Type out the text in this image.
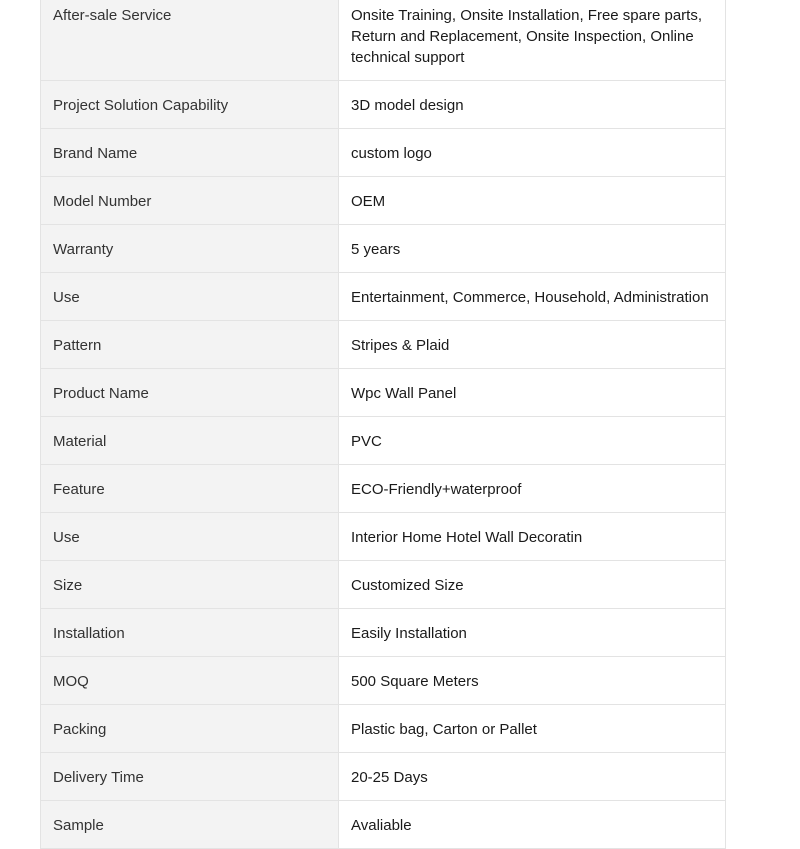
After-sale Service	Onsite Training, Onsite Installation, Free spare parts, Return and Replacement, Onsite Inspection, Online technical support
Project Solution Capability	3D model design
Brand Name	custom logo
Model Number	OEM
Warranty	5 years
Use	Entertainment, Commerce, Household, Administration
Pattern	Stripes & Plaid
Product Name	Wpc Wall Panel
Material	PVC
Feature	ECO-Friendly+waterproof
Use	Interior Home Hotel Wall Decoratin
Size	Customized Size
Installation	Easily Installation
MOQ	500 Square Meters
Packing	Plastic bag, Carton or Pallet
Delivery Time	20-25 Days
Sample	Avaliable
